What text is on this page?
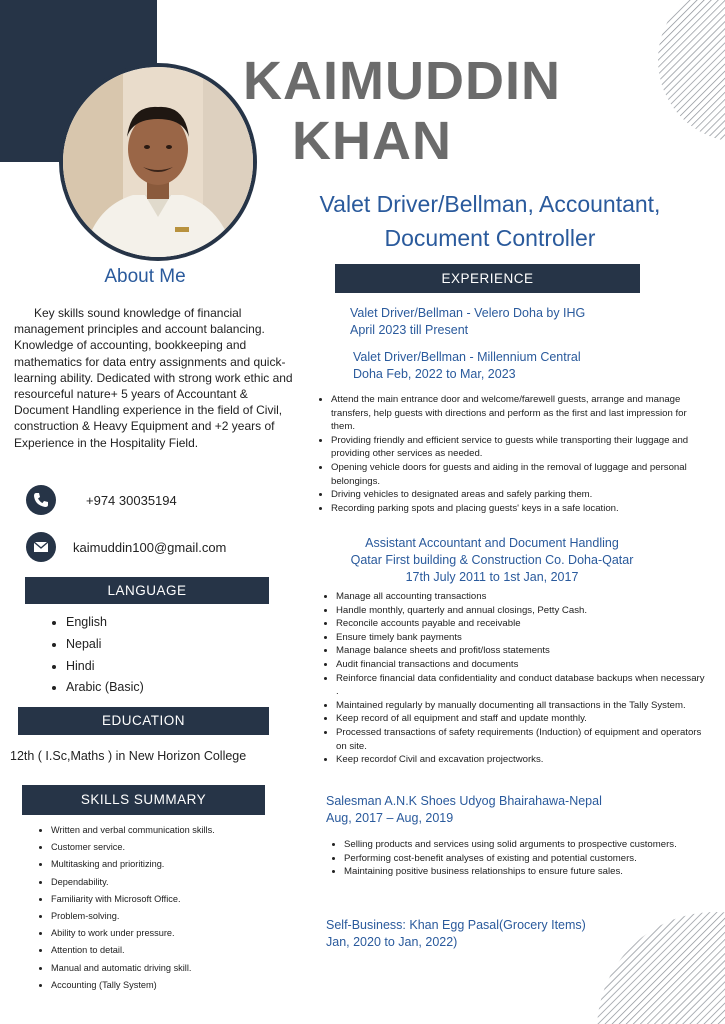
KAIMUDDIN
KHAN
Valet Driver/Bellman, Accountant,
Document Controller
About Me
Key skills sound knowledge of financial management principles and account balancing. Knowledge of accounting, bookkeeping and mathematics for data entry assignments and quick-learning ability. Dedicated with strong work ethic and resourceful nature+ 5 years of Accountant & Document Handling experience in the field of Civil, construction & Heavy Equipment and +2 years of Experience in the Hospitality Field.
+974 30035194
kaimuddin100@gmail.com
LANGUAGE
• English
• Nepali
• Hindi
• Arabic (Basic)
EDUCATION
12th ( I.Sc,Maths ) in New Horizon College
SKILLS SUMMARY
• Written and verbal communication skills.
• Customer service.
• Multitasking and prioritizing.
• Dependability.
• Familiarity with Microsoft Office.
• Problem-solving.
• Ability to work under pressure.
• Attention to detail.
• Manual and automatic driving skill.
• Accounting (Tally System)
EXPERIENCE
Valet Driver/Bellman - Velero Doha by IHG
April 2023 till Present
Valet Driver/Bellman - Millennium Central
Doha Feb, 2022 to Mar, 2023
• Attend the main entrance door and welcome/farewell guests, arrange and manage transfers, help guests with directions and perform as the first and last impression for them.
• Providing friendly and efficient service to guests while transporting their luggage and providing other services as needed.
• Opening vehicle doors for guests and aiding in the removal of luggage and personal belongings.
• Driving vehicles to designated areas and safely parking them.
• Recording parking spots and placing guests' keys in a safe location.
Assistant Accountant and Document Handling
Qatar First building & Construction Co. Doha-Qatar
17th July 2011 to 1st Jan, 2017
• Manage all accounting transactions
• Handle monthly, quarterly and annual closings, Petty Cash.
• Reconcile accounts payable and receivable
• Ensure timely bank payments
• Manage balance sheets and profit/loss statements
• Audit financial transactions and documents
• Reinforce financial data confidentiality and conduct database backups when necessary .
• Maintained regularly by manually documenting all transactions in the Tally System.
• Keep record of all equipment and staff and update monthly.
• Processed transactions of safety requirements (Induction) of equipment and operators on site.
• Keep recordof Civil and excavation projectworks.
Salesman A.N.K Shoes Udyog Bhairahawa-Nepal
Aug, 2017 – Aug, 2019
• Selling products and services using solid arguments to prospective customers.
• Performing cost-benefit analyses of existing and potential customers.
• Maintaining positive business relationships to ensure future sales.
Self-Business: Khan Egg Pasal(Grocery Items)
Jan, 2020 to Jan, 2022)
